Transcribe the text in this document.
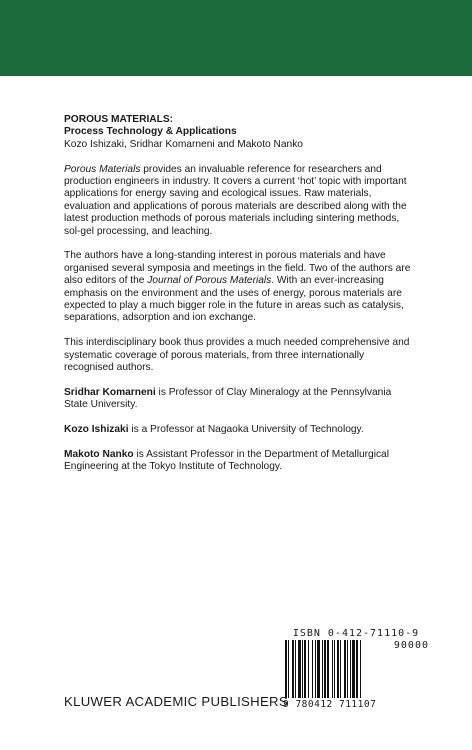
POROUS MATERIALS:
Process Technology & Applications
Kozo Ishizaki, Sridhar Komarneni and Makoto Nanko

Porous Materials provides an invaluable reference for researchers and production engineers in industry. It covers a current ‘hot’ topic with important applications for energy saving and ecological issues. Raw materials, evaluation and applications of porous materials are described along with the latest production methods of porous materials including sintering methods, sol-gel processing, and leaching.

The authors have a long-standing interest in porous materials and have organised several symposia and meetings in the field. Two of the authors are also editors of the Journal of Porous Materials. With an ever-increasing emphasis on the environment and the uses of energy, porous materials are expected to play a much bigger role in the future in areas such as catalysis, separations, adsorption and ion exchange.

This interdisciplinary book thus provides a much needed comprehensive and systematic coverage of porous materials, from three internationally recognised authors.

Sridhar Komarneni is Professor of Clay Mineralogy at the Pennsylvania State University.

Kozo Ishizaki is a Professor at Nagaoka University of Technology.

Makoto Nanko is Assistant Professor in the Department of Metallurgical Engineering at the Tokyo Institute of Technology.

ISBN 0-412-71110-9
90000
9 780412 711107
KLUWER ACADEMIC PUBLISHERS
